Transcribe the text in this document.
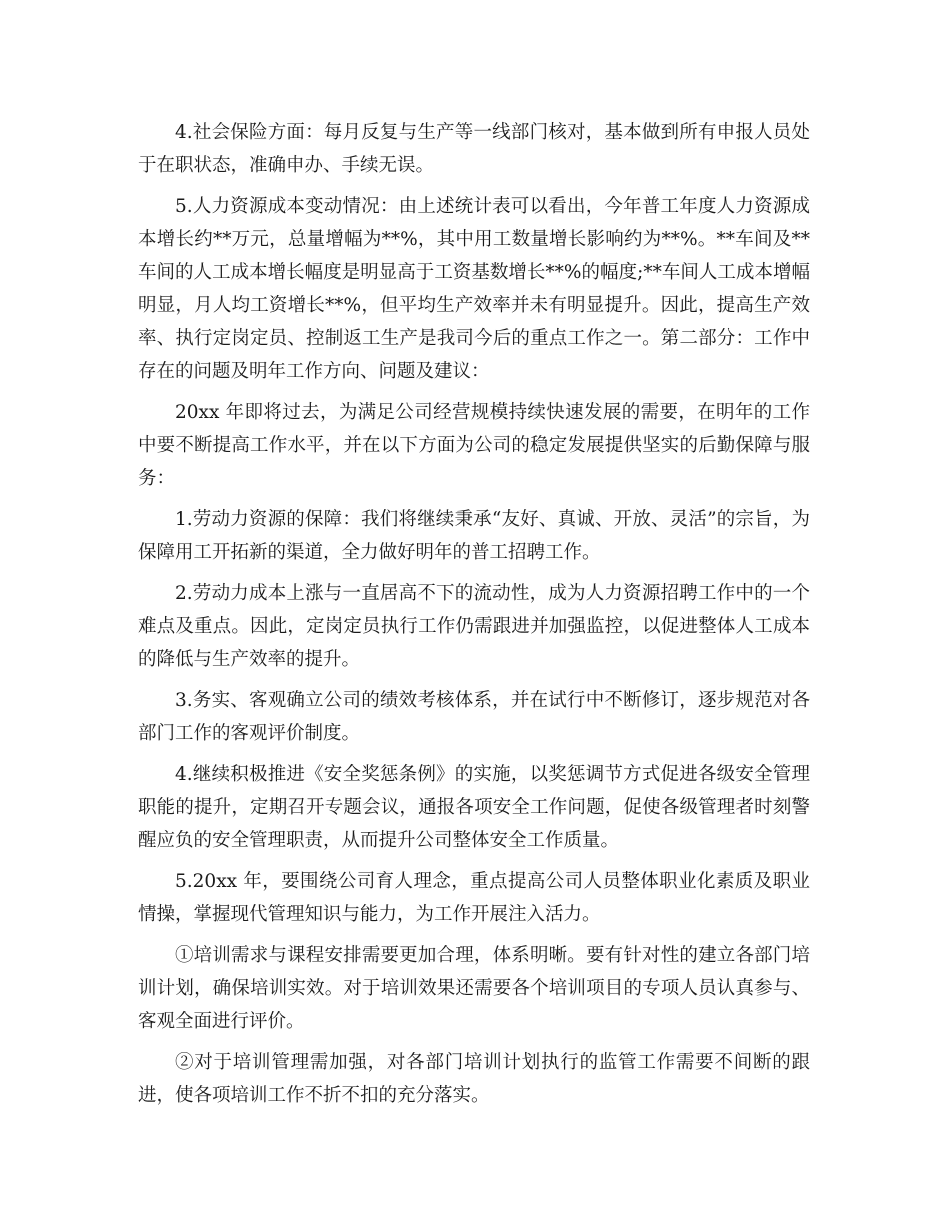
4.社会保险方面：每月反复与生产等一线部门核对，基本做到所有申报人员处于在职状态，准确申办、手续无误。

5.人力资源成本变动情况：由上述统计表可以看出，今年普工年度人力资源成本增长约**万元，总量增幅为**%，其中用工数量增长影响约为**%。**车间及**车间的人工成本增长幅度是明显高于工资基数增长**%的幅度;**车间人工成本增幅明显，月人均工资增长**%，但平均生产效率并未有明显提升。因此，提高生产效率、执行定岗定员、控制返工生产是我司今后的重点工作之一。第二部分：工作中存在的问题及明年工作方向、问题及建议：

20xx 年即将过去，为满足公司经营规模持续快速发展的需要，在明年的工作中要不断提高工作水平，并在以下方面为公司的稳定发展提供坚实的后勤保障与服务：

1.劳动力资源的保障：我们将继续秉承“友好、真诚、开放、灵活”的宗旨，为保障用工开拓新的渠道，全力做好明年的普工招聘工作。

2.劳动力成本上涨与一直居高不下的流动性，成为人力资源招聘工作中的一个难点及重点。因此，定岗定员执行工作仍需跟进并加强监控，以促进整体人工成本的降低与生产效率的提升。

3.务实、客观确立公司的绩效考核体系，并在试行中不断修订，逐步规范对各部门工作的客观评价制度。

4.继续积极推进《安全奖惩条例》的实施，以奖惩调节方式促进各级安全管理职能的提升，定期召开专题会议，通报各项安全工作问题，促使各级管理者时刻警醒应负的安全管理职责，从而提升公司整体安全工作质量。

5.20xx 年，要围绕公司育人理念，重点提高公司人员整体职业化素质及职业情操，掌握现代管理知识与能力，为工作开展注入活力。

①培训需求与课程安排需要更加合理，体系明晰。要有针对性的建立各部门培训计划，确保培训实效。对于培训效果还需要各个培训项目的专项人员认真参与、客观全面进行评价。

②对于培训管理需加强，对各部门培训计划执行的监管工作需要不间断的跟进，使各项培训工作不折不扣的充分落实。
